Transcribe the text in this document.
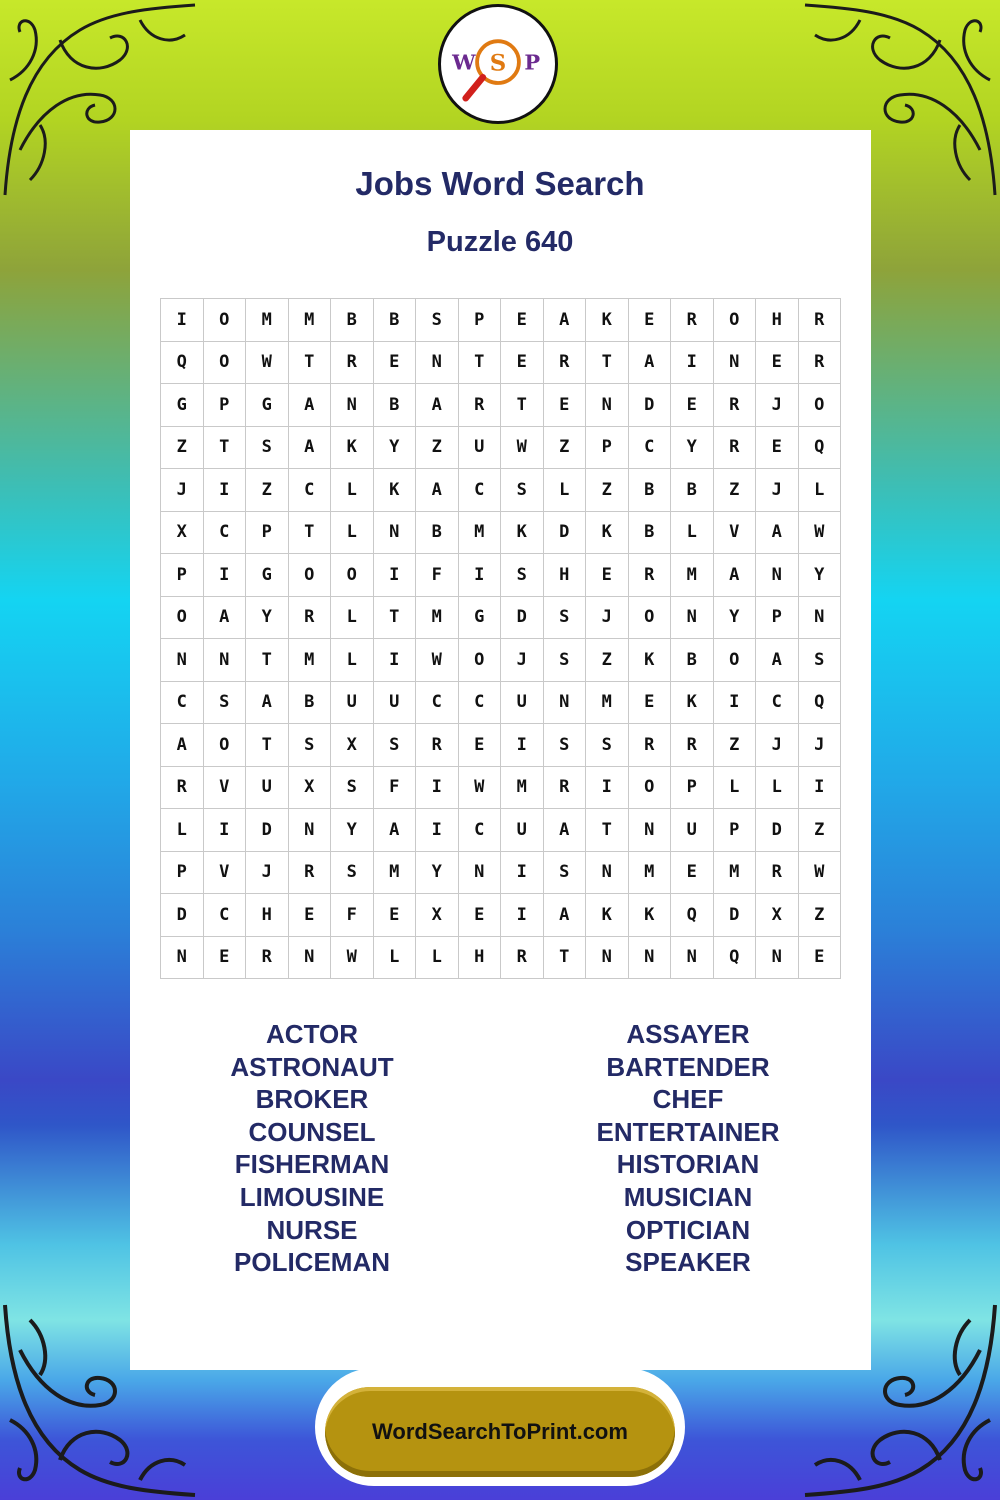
W S P
Jobs Word Search
Puzzle 640
I	O	M	M	B	B	S	P	E	A	K	E	R	O	H	R
Q	O	W	T	R	E	N	T	E	R	T	A	I	N	E	R
G	P	G	A	N	B	A	R	T	E	N	D	E	R	J	O
Z	T	S	A	K	Y	Z	U	W	Z	P	C	Y	R	E	Q
J	I	Z	C	L	K	A	C	S	L	Z	B	B	Z	J	L
X	C	P	T	L	N	B	M	K	D	K	B	L	V	A	W
P	I	G	O	O	I	F	I	S	H	E	R	M	A	N	Y
O	A	Y	R	L	T	M	G	D	S	J	O	N	Y	P	N
N	N	T	M	L	I	W	O	J	S	Z	K	B	O	A	S
C	S	A	B	U	U	C	C	U	N	M	E	K	I	C	Q
A	O	T	S	X	S	R	E	I	S	S	R	R	Z	J	J
R	V	U	X	S	F	I	W	M	R	I	O	P	L	L	I
L	I	D	N	Y	A	I	C	U	A	T	N	U	P	D	Z
P	V	J	R	S	M	Y	N	I	S	N	M	E	M	R	W
D	C	H	E	F	E	X	E	I	A	K	K	Q	D	X	Z
N	E	R	N	W	L	L	H	R	T	N	N	N	Q	N	E
ACTOR
ASTRONAUT
BROKER
COUNSEL
FISHERMAN
LIMOUSINE
NURSE
POLICEMAN
ASSAYER
BARTENDER
CHEF
ENTERTAINER
HISTORIAN
MUSICIAN
OPTICIAN
SPEAKER
WordSearchToPrint.com
